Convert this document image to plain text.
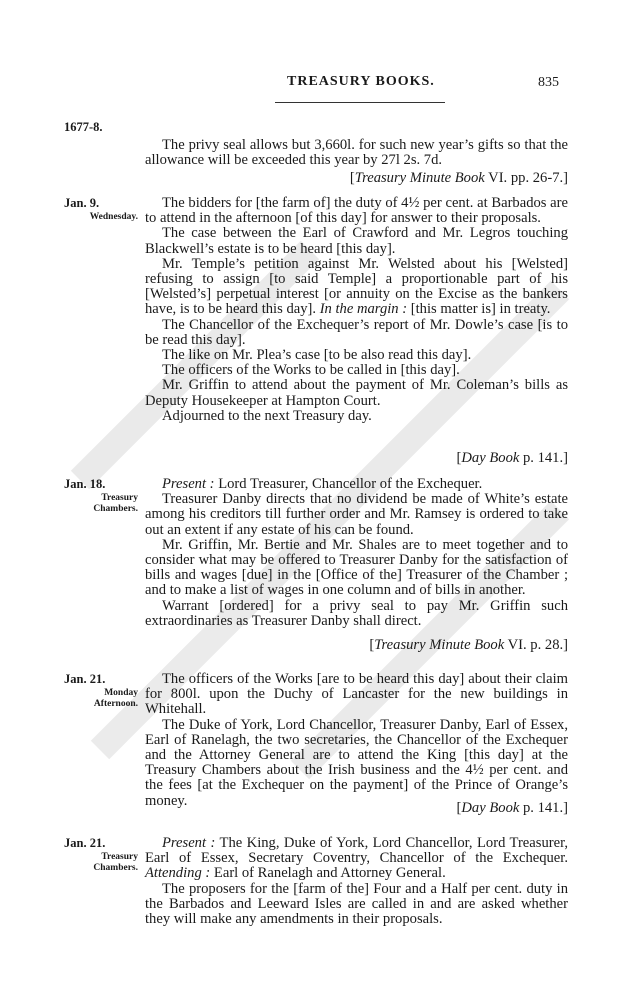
TREASURY BOOKS.	835
1677-8.

The privy seal allows but 3,660l. for such new year’s gifts so that the allowance will be exceeded this year by 27l 2s. 7d.

[Treasury Minute Book VI. pp. 26-7.]
Jan. 9.
Wednesday.

The bidders for [the farm of] the duty of 4½ per cent. at Barbados are to attend in the afternoon [of this day] for answer to their proposals.

The case between the Earl of Crawford and Mr. Legros touching Blackwell’s estate is to be heard [this day].

Mr. Temple’s petition against Mr. Welsted about his [Welsted] refusing to assign [to said Temple] a proportionable part of his [Welsted’s] perpetual interest [or annuity on the Excise as the bankers have, is to be heard this day]. In the margin : [this matter is] in treaty.

The Chancellor of the Exchequer’s report of Mr. Dowle’s case [is to be read this day].

The like on Mr. Plea’s case [to be also read this day].

The officers of the Works to be called in [this day].

Mr. Griffin to attend about the payment of Mr. Coleman’s bills as Deputy Housekeeper at Hampton Court.

Adjourned to the next Treasury day.

[Day Book p. 141.]
Jan. 18.
Treasury Chambers.

Present : Lord Treasurer, Chancellor of the Exchequer.

Treasurer Danby directs that no dividend be made of White’s estate among his creditors till further order and Mr. Ramsey is ordered to take out an extent if any estate of his can be found.

Mr. Griffin, Mr. Bertie and Mr. Shales are to meet together and to consider what may be offered to Treasurer Danby for the satisfaction of bills and wages [due] in the [Office of the] Treasurer of the Chamber ; and to make a list of wages in one column and of bills in another.

Warrant [ordered] for a privy seal to pay Mr. Griffin such extraordinaries as Treasurer Danby shall direct.

[Treasury Minute Book VI. p. 28.]
Jan. 21.
Monday Afternoon.

The officers of the Works [are to be heard this day] about their claim for 800l. upon the Duchy of Lancaster for the new buildings in Whitehall.

The Duke of York, Lord Chancellor, Treasurer Danby, Earl of Essex, Earl of Ranelagh, the two secretaries, the Chancellor of the Exchequer and the Attorney General are to attend the King [this day] at the Treasury Chambers about the Irish business and the 4½ per cent. and the fees [at the Exchequer on the payment] of the Prince of Orange’s money.	[Day Book p. 141.]
Jan. 21.
Treasury Chambers.

Present : The King, Duke of York, Lord Chancellor, Lord Treasurer, Earl of Essex, Secretary Coventry, Chancellor of the Exchequer. Attending : Earl of Ranelagh and Attorney General.

The proposers for the [farm of the] Four and a Half per cent. duty in the Barbados and Leeward Isles are called in and are asked whether they will make any amendments in their proposals.
